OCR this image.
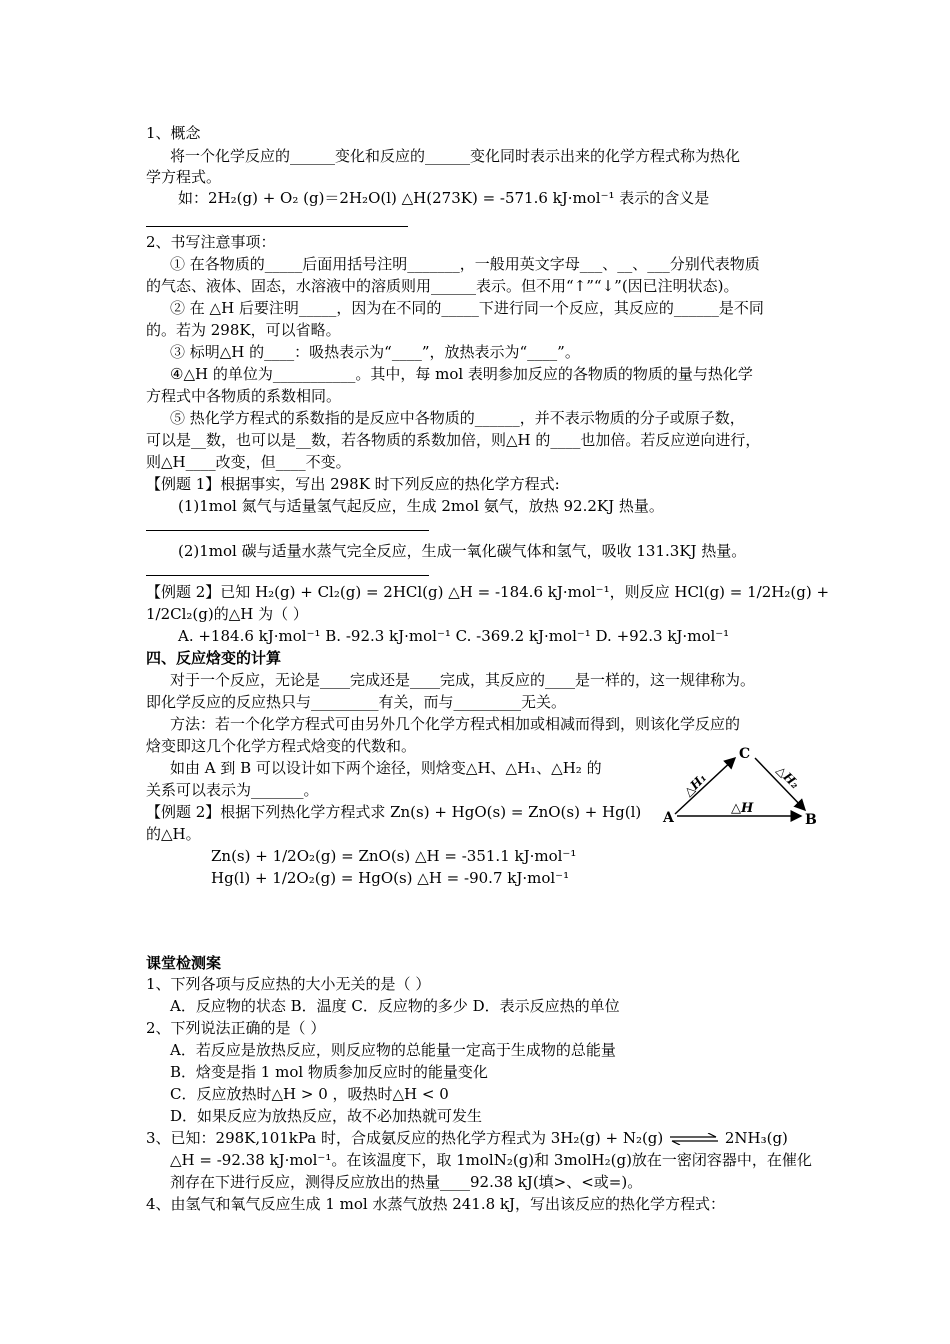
1、概念
将一个化学反应的______变化和反应的______变化同时表示出来的化学方程式称为热化
学方程式。
如：2H₂(g) + O₂ (g)＝2H₂O(l) △H(273K) = -571.6 kJ·mol⁻¹ 表示的含义是
2、书写注意事项：
① 在各物质的_____后面用括号注明_______，一般用英文字母___、__、___分别代表物质
的气态、液体、固态，水溶液中的溶质则用______表示。但不用“↑”“↓”(因已注明状态)。
② 在 △H 后要注明_____，因为在不同的_____下进行同一个反应，其反应的______是不同
的。若为 298K，可以省略。
③ 标明△H 的____：吸热表示为“____”，放热表示为“____”。
④△H 的单位为___________。其中，每 mol 表明参加反应的各物质的物质的量与热化学
方程式中各物质的系数相同。
⑤ 热化学方程式的系数指的是反应中各物质的______，并不表示物质的分子或原子数，
可以是__数，也可以是__数，若各物质的系数加倍，则△H 的____也加倍。若反应逆向进行，
则△H____改变，但____不变。
【例题 1】根据事实，写出 298K 时下列反应的热化学方程式:
(1)1mol 氮气与适量氢气起反应，生成 2mol 氨气，放热 92.2KJ 热量。
(2)1mol 碳与适量水蒸气完全反应，生成一氧化碳气体和氢气，吸收 131.3KJ 热量。
【例题 2】已知 H₂(g) + Cl₂(g) = 2HCl(g) △H = -184.6 kJ·mol⁻¹，则反应 HCl(g) = 1/2H₂(g) +
1/2Cl₂(g)的△H 为（ ）
A. +184.6 kJ·mol⁻¹ B. -92.3 kJ·mol⁻¹ C. -369.2 kJ·mol⁻¹ D. +92.3 kJ·mol⁻¹
四、反应焓变的计算
对于一个反应，无论是____完成还是____完成，其反应的____是一样的，这一规律称为。
即化学反应的反应热只与_________有关，而与_________无关。
方法：若一个化学方程式可由另外几个化学方程式相加或相减而得到，则该化学反应的
焓变即这几个化学方程式焓变的代数和。
如由 A 到 B 可以设计如下两个途径，则焓变△H、△H₁、△H₂ 的
关系可以表示为_______。
【例题 2】根据下列热化学方程式求 Zn(s) + HgO(s) = ZnO(s) + Hg(l)
的△H。
Zn(s) + 1/2O₂(g) = ZnO(s) △H = -351.1 kJ·mol⁻¹
Hg(l) + 1/2O₂(g) = HgO(s) △H = -90.7 kJ·mol⁻¹
A
C
B
△H
△H₁	△H₂
课堂检测案
1、下列各项与反应热的大小无关的是（ ）
A．反应物的状态 B．温度 C．反应物的多少 D．表示反应热的单位
2、下列说法正确的是（ ）
A．若反应是放热反应，则反应物的总能量一定高于生成物的总能量
B．焓变是指 1 mol 物质参加反应时的能量变化
C．反应放热时△H > 0 ，吸热时△H < 0
D．如果反应为放热反应，故不必加热就可发生
3、已知：298K,101kPa 时，合成氨反应的热化学方程式为 3H₂(g) + N₂(g) ⇌ 2NH₃(g)
△H = -92.38 kJ·mol⁻¹。在该温度下，取 1molN₂(g)和 3molH₂(g)放在一密闭容器中，在催化
剂存在下进行反应，测得反应放出的热量____92.38 kJ(填>、<或=)。
4、由氢气和氧气反应生成 1 mol 水蒸气放热 241.8 kJ，写出该反应的热化学方程式：
